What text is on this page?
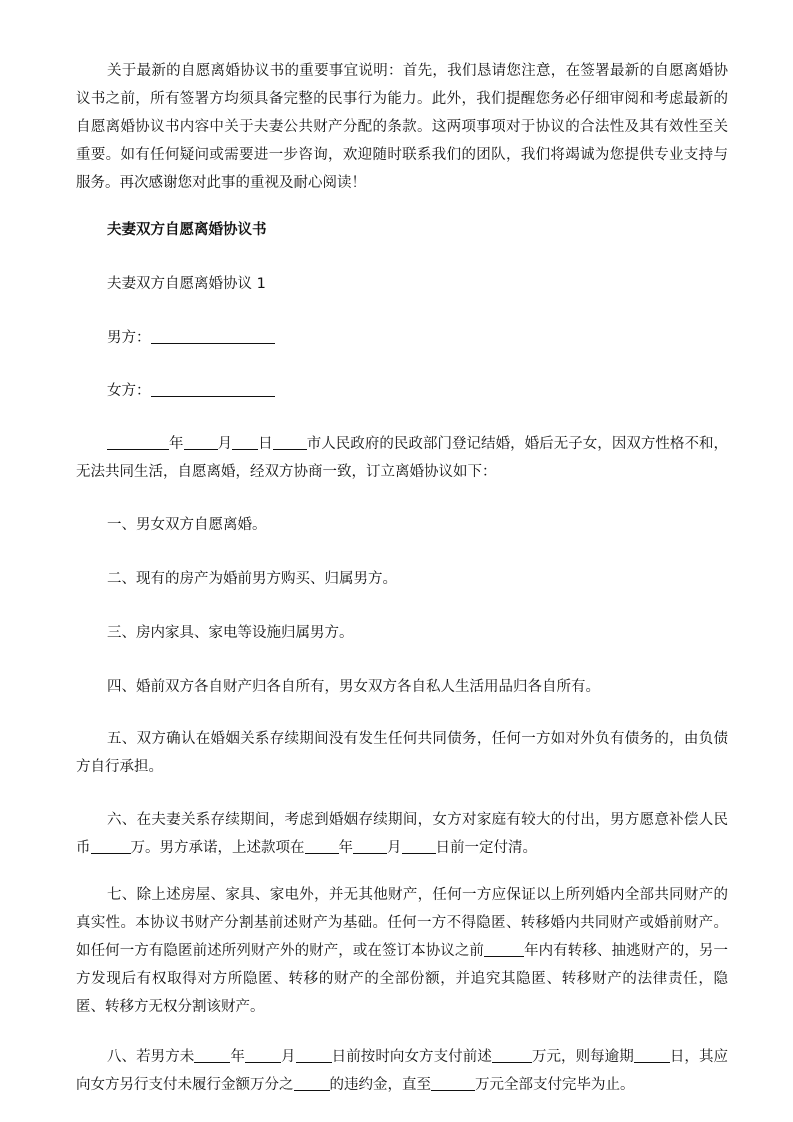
关于最新的自愿离婚协议书的重要事宜说明：首先，我们恳请您注意，在签署最新的自愿离婚协议书之前，所有签署方均须具备完整的民事行为能力。此外，我们提醒您务必仔细审阅和考虑最新的自愿离婚协议书内容中关于夫妻公共财产分配的条款。这两项事项对于协议的合法性及其有效性至关重要。如有任何疑问或需要进一步咨询，欢迎随时联系我们的团队，我们将竭诚为您提供专业支持与服务。再次感谢您对此事的重视及耐心阅读！
夫妻双方自愿离婚协议书
夫妻双方自愿离婚协议 1
男方：
女方：
年 月 日 市人民政府的民政部门登记结婚，婚后无子女，因双方性格不和，无法共同生活，自愿离婚，经双方协商一致，订立离婚协议如下：
一、男女双方自愿离婚。
二、现有的房产为婚前男方购买、归属男方。
三、房内家具、家电等设施归属男方。
四、婚前双方各自财产归各自所有，男女双方各自私人生活用品归各自所有。
五、双方确认在婚姻关系存续期间没有发生任何共同债务，任何一方如对外负有债务的，由负债方自行承担。
六、在夫妻关系存续期间，考虑到婚姻存续期间，女方对家庭有较大的付出，男方愿意补偿人民币	万。男方承诺，上述款项在 年 月 日前一定付清。
七、除上述房屋、家具、家电外，并无其他财产，任何一方应保证以上所列婚内全部共同财产的真实性。本协议书财产分割基前述财产为基础。任何一方不得隐匿、转移婚内共同财产或婚前财产。如任何一方有隐匿前述所列财产外的财产，或在签订本协议之前	年内有转移、抽逃财产的，另一方发现后有权取得对方所隐匿、转移的财产的全部份额，并追究其隐匿、转移财产的法律责任，隐匿、转移方无权分割该财产。
八、若男方未 年 月 日前按时向女方支付前述	万元，则每逾期 日，其应向女方另行支付未履行金额万分之 的违约金，直至	万元全部支付完毕为止。
